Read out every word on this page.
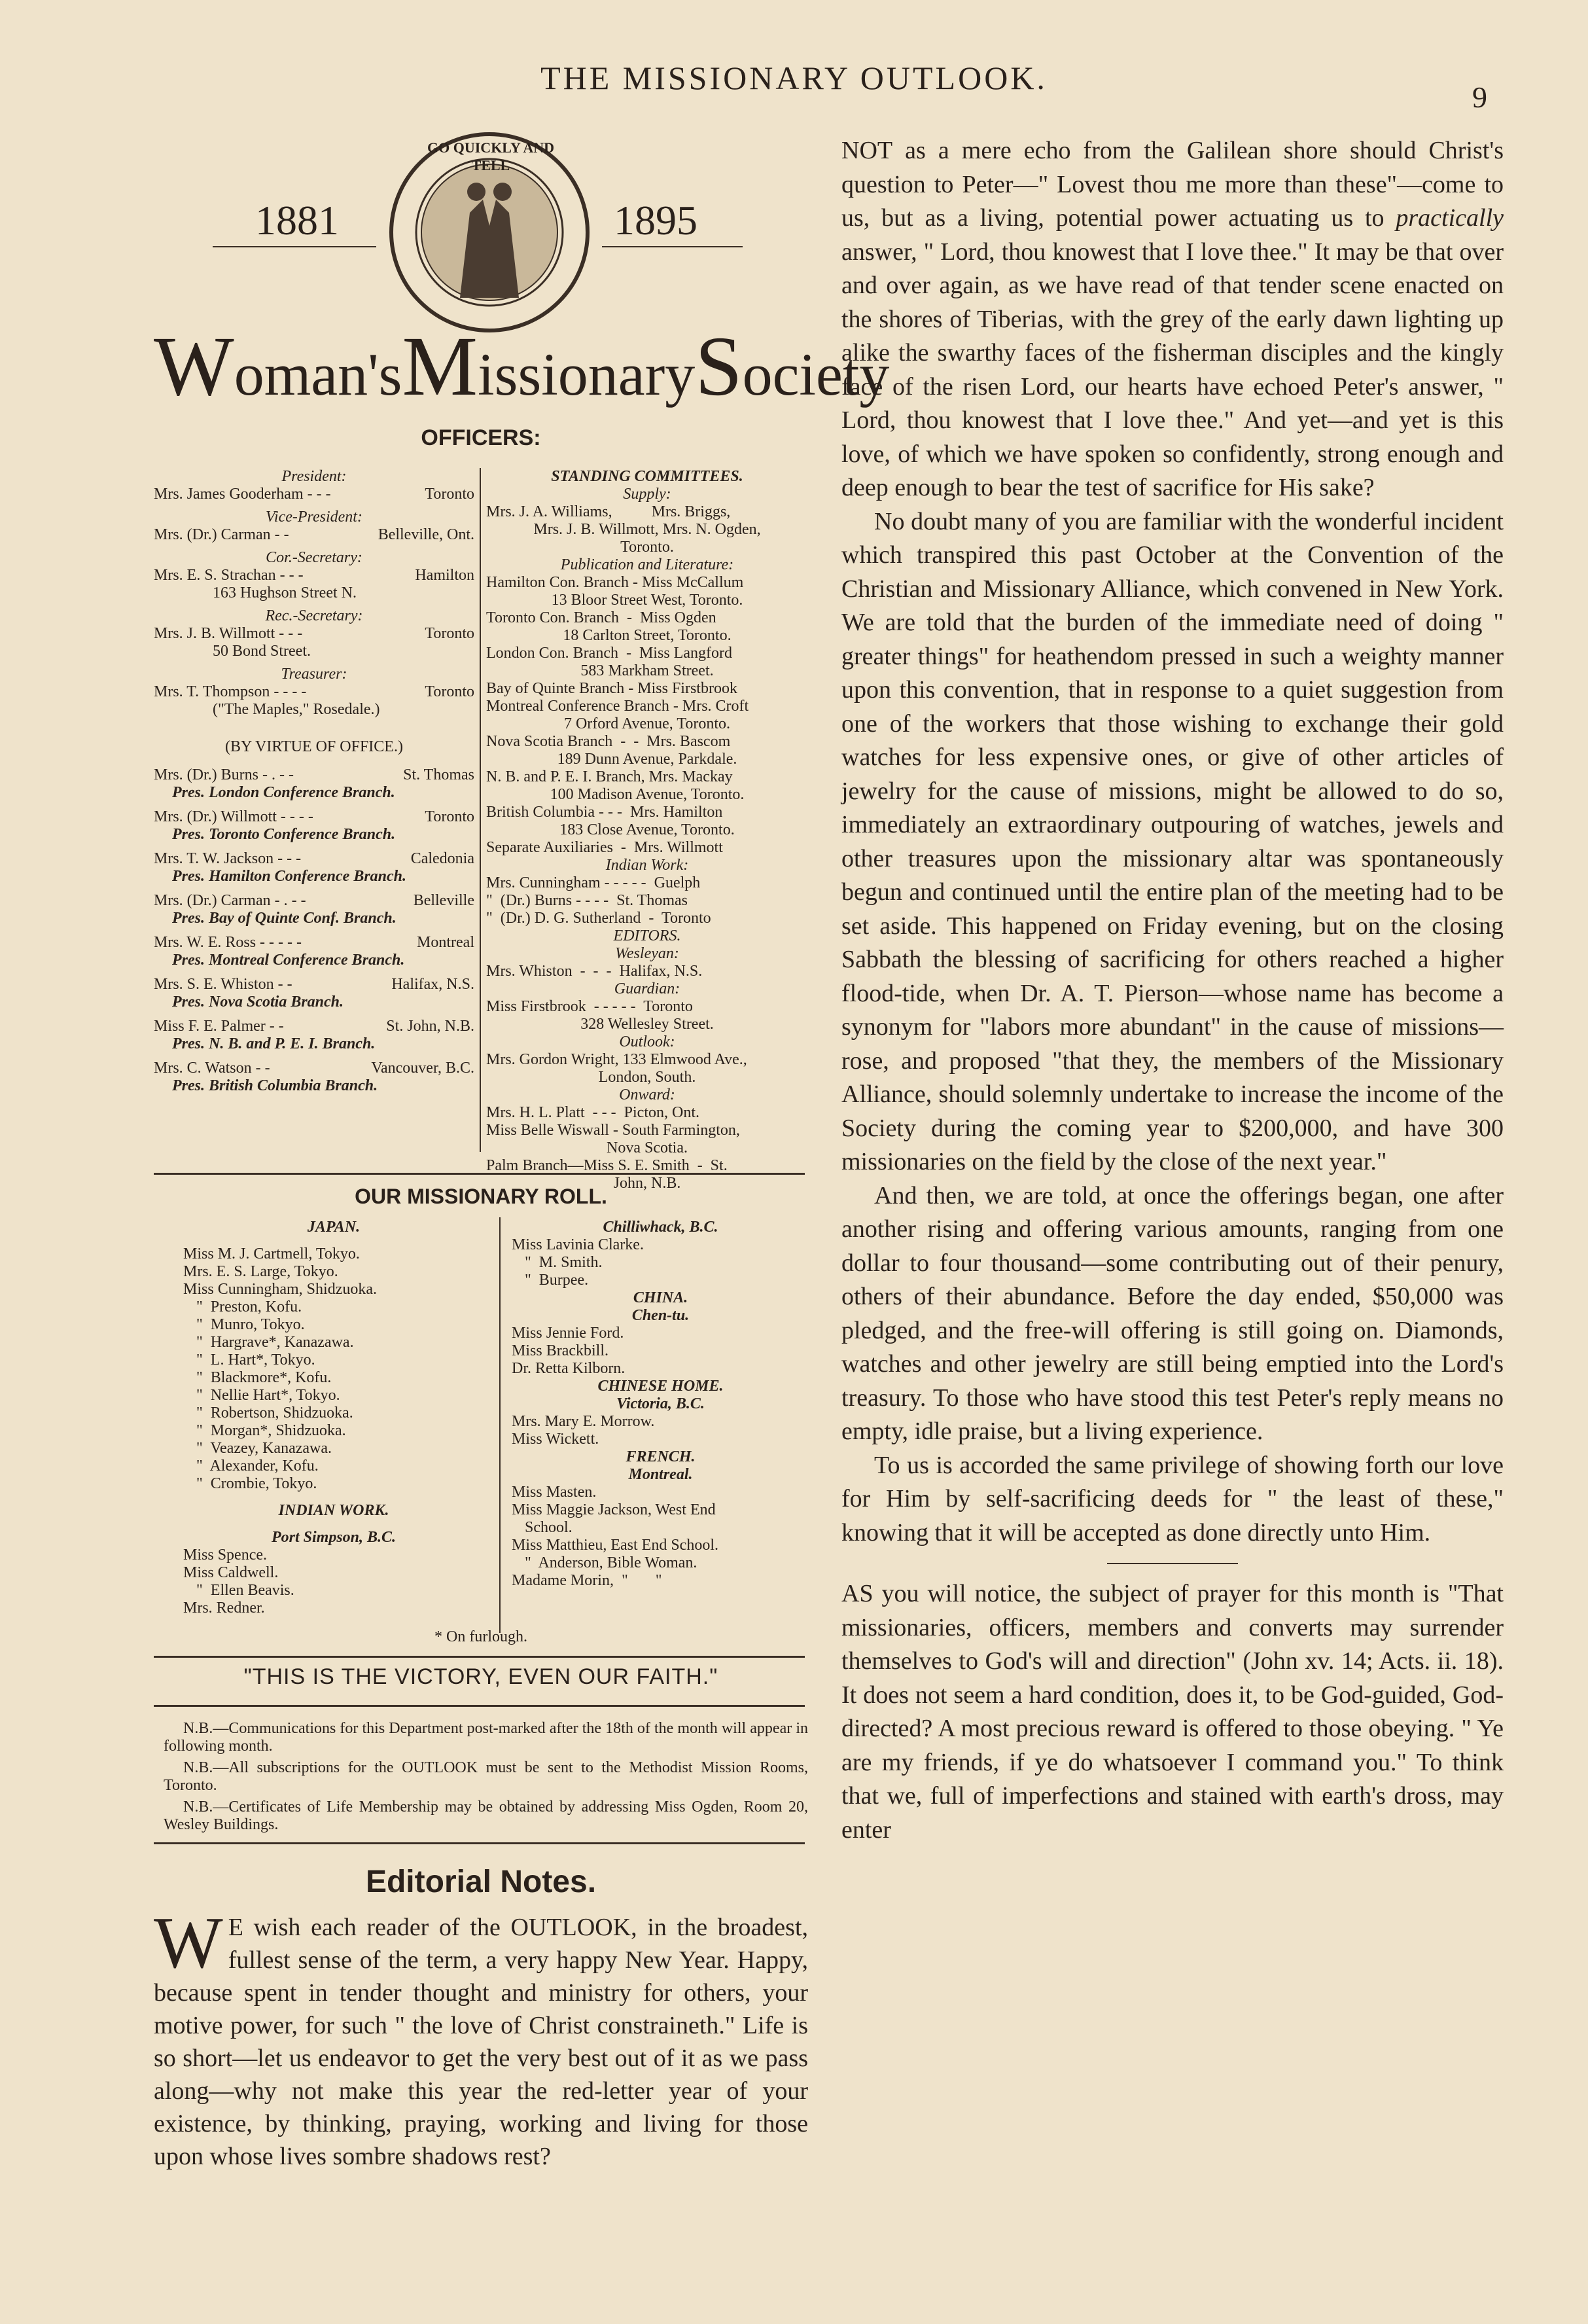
THE MISSIONARY OUTLOOK.
9
1881	1895
GO QUICKLY AND TELL
Woman'sMissionarySociety
OFFICERS:
President:
Mrs. James Gooderham - - -	Toronto
Vice-President:
Mrs. (Dr.) Carman - -	Belleville, Ont.
Cor.-Secretary:
Mrs. E. S. Strachan - - -	Hamilton
163 Hughson Street N.
Rec.-Secretary:
Mrs. J. B. Willmott - - -	Toronto
50 Bond Street.
Treasurer:
Mrs. T. Thompson - - - -	Toronto
("The Maples," Rosedale.)
(BY VIRTUE OF OFFICE.)
Mrs. (Dr.) Burns - . - -	St. Thomas
Pres. London Conference Branch.
Mrs. (Dr.) Willmott - - - -	Toronto
Pres. Toronto Conference Branch.
Mrs. T. W. Jackson - - -	Caledonia
Pres. Hamilton Conference Branch.
Mrs. (Dr.) Carman - . - -	Belleville
Pres. Bay of Quinte Conf. Branch.
Mrs. W. E. Ross - - - - -	Montreal
Pres. Montreal Conference Branch.
Mrs. S. E. Whiston - -	Halifax, N.S.
Pres. Nova Scotia Branch.
Miss F. E. Palmer - -	St. John, N.B.
Pres. N. B. and P. E. I. Branch.
Mrs. C. Watson - -	Vancouver, B.C.
Pres. British Columbia Branch.
STANDING COMMITTEES.
Supply:
Mrs. J. A. Williams,          Mrs. Briggs,
Mrs. J. B. Willmott, Mrs. N. Ogden,
Toronto.
Publication and Literature:
Hamilton Con. Branch - Miss McCallum
13 Bloor Street West, Toronto.
Toronto Con. Branch  -  Miss Ogden
18 Carlton Street, Toronto.
London Con. Branch  -  Miss Langford
583 Markham Street.
Bay of Quinte Branch - Miss Firstbrook
Montreal Conference Branch - Mrs. Croft
7 Orford Avenue, Toronto.
Nova Scotia Branch  -  -  Mrs. Bascom
189 Dunn Avenue, Parkdale.
N. B. and P. E. I. Branch, Mrs. Mackay
100 Madison Avenue, Toronto.
British Columbia - - -  Mrs. Hamilton
183 Close Avenue, Toronto.
Separate Auxiliaries  -  Mrs. Willmott
Indian Work:
Mrs. Cunningham - - - - -  Guelph
"  (Dr.) Burns - - - -  St. Thomas
"  (Dr.) D. G. Sutherland  -  Toronto
EDITORS.
Wesleyan:
Mrs. Whiston  -  -  -  Halifax, N.S.
Guardian:
Miss Firstbrook  - - - - -  Toronto
328 Wellesley Street.
Outlook:
Mrs. Gordon Wright, 133 Elmwood Ave.,
London, South.
Onward:
Mrs. H. L. Platt  - - -  Picton, Ont.
Miss Belle Wiswall - South Farmington,
Nova Scotia.
Palm Branch—Miss S. E. Smith  -  St.
John, N.B.
OUR MISSIONARY ROLL.
JAPAN.
Miss M. J. Cartmell, Tokyo.
Mrs. E. S. Large, Tokyo.
Miss Cunningham, Shidzuoka.
"  Preston, Kofu.
"  Munro, Tokyo.
"  Hargrave*, Kanazawa.
"  L. Hart*, Tokyo.
"  Blackmore*, Kofu.
"  Nellie Hart*, Tokyo.
"  Robertson, Shidzuoka.
"  Morgan*, Shidzuoka.
"  Veazey, Kanazawa.
"  Alexander, Kofu.
"  Crombie, Tokyo.
INDIAN WORK.
Port Simpson, B.C.
Miss Spence.
Miss Caldwell.
"  Ellen Beavis.
Mrs. Redner.
Chilliwhack, B.C.
Miss Lavinia Clarke.
"  M. Smith.
"  Burpee.
CHINA.
Chen-tu.
Miss Jennie Ford.
Miss Brackbill.
Dr. Retta Kilborn.
CHINESE HOME.
Victoria, B.C.
Mrs. Mary E. Morrow.
Miss Wickett.
FRENCH.
Montreal.
Miss Masten.
Miss Maggie Jackson, West End
School.
Miss Matthieu, East End School.
"  Anderson, Bible Woman.
Madame Morin,  "       "
* On furlough.
"THIS IS THE VICTORY, EVEN OUR FAITH."
N.B.—Communications for this Department post-marked after the 18th of the month will appear in following month.
N.B.—All subscriptions for the OUTLOOK must be sent to the Methodist Mission Rooms, Toronto.
N.B.—Certificates of Life Membership may be obtained by addressing Miss Ogden, Room 20, Wesley Buildings.
Editorial Notes.
W E wish each reader of the OUTLOOK, in the broadest, fullest sense of the term, a very happy New Year. Happy, because spent in tender thought and ministry for others, your motive power, for such " the love of Christ constraineth." Life is so short—let us endeavor to get the very best out of it as we pass along—why not make this year the red-letter year of your existence, by thinking, praying, working and living for those upon whose lives sombre shadows rest?

NOT as a mere echo from the Galilean shore should Christ's question to Peter—" Lovest thou me more than these"—come to us, but as a living, potential power actuating us to practically answer, " Lord, thou knowest that I love thee." It may be that over and over again, as we have read of that tender scene enacted on the shores of Tiberias, with the grey of the early dawn lighting up alike the swarthy faces of the fisherman disciples and the kingly face of the risen Lord, our hearts have echoed Peter's answer, " Lord, thou knowest that I love thee." And yet—and yet is this love, of which we have spoken so confidently, strong enough and deep enough to bear the test of sacrifice for His sake?

No doubt many of you are familiar with the wonderful incident which transpired this past October at the Convention of the Christian and Missionary Alliance, which convened in New York. We are told that the burden of the immediate need of doing " greater things" for heathendom pressed in such a weighty manner upon this convention, that in response to a quiet suggestion from one of the workers that those wishing to exchange their gold watches for less expensive ones, or give of other articles of jewelry for the cause of missions, might be allowed to do so, immediately an extraordinary outpouring of watches, jewels and other treasures upon the missionary altar was spontaneously begun and continued until the entire plan of the meeting had to be set aside. This happened on Friday evening, but on the closing Sabbath the blessing of sacrificing for others reached a higher flood-tide, when Dr. A. T. Pierson—whose name has become a synonym for "labors more abundant" in the cause of missions—rose, and proposed "that they, the members of the Missionary Alliance, should solemnly undertake to increase the income of the Society during the coming year to $200,000, and have 300 missionaries on the field by the close of the next year."

And then, we are told, at once the offerings began, one after another rising and offering various amounts, ranging from one dollar to four thousand—some contributing out of their penury, others of their abundance. Before the day ended, $50,000 was pledged, and the free-will offering is still going on. Diamonds, watches and other jewelry are still being emptied into the Lord's treasury. To those who have stood this test Peter's reply means no empty, idle praise, but a living experience.

To us is accorded the same privilege of showing forth our love for Him by self-sacrificing deeds for " the least of these," knowing that it will be accepted as done directly unto Him.

AS you will notice, the subject of prayer for this month is "That missionaries, officers, members and converts may surrender themselves to God's will and direction" (John xv. 14; Acts. ii. 18). It does not seem a hard condition, does it, to be God-guided, God-directed? A most precious reward is offered to those obeying. " Ye are my friends, if ye do whatsoever I command you." To think that we, full of imperfections and stained with earth's dross, may enter
